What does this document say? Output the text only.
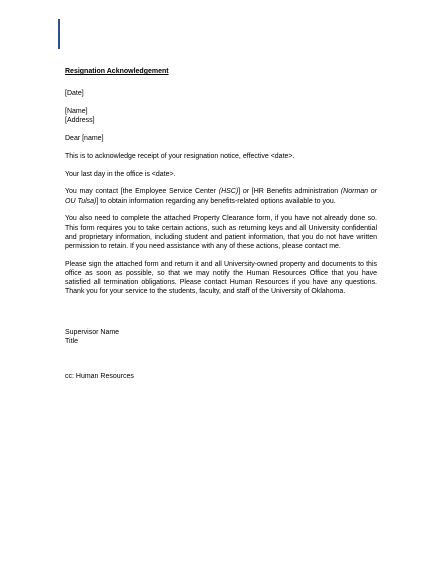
Resignation Acknowledgement

[Date]

[Name]

[Address]

Dear [name]

This is to acknowledge receipt of your resignation notice, effective <date>.

Your last day in the office is <date>.

You may contact [the Employee Service Center (HSC)] or [HR Benefits administration (Norman or OU Tulsa)] to obtain information regarding any benefits-related options available to you.

You also need to complete the attached Property Clearance form, if you have not already done so. This form requires you to take certain actions, such as returning keys and all University confidential and proprietary information, including student and patient information, that you do not have written permission to retain. If you need assistance with any of these actions, please contact me.

Please sign the attached form and return it and all University-owned property and documents to this office as soon as possible, so that we may notify the Human Resources Office that you have satisfied all termination obligations. Please contact Human Resources if you have any questions. Thank you for your service to the students, faculty, and staff of the University of Oklahoma.

Supervisor Name

Title

cc: Human Resources
